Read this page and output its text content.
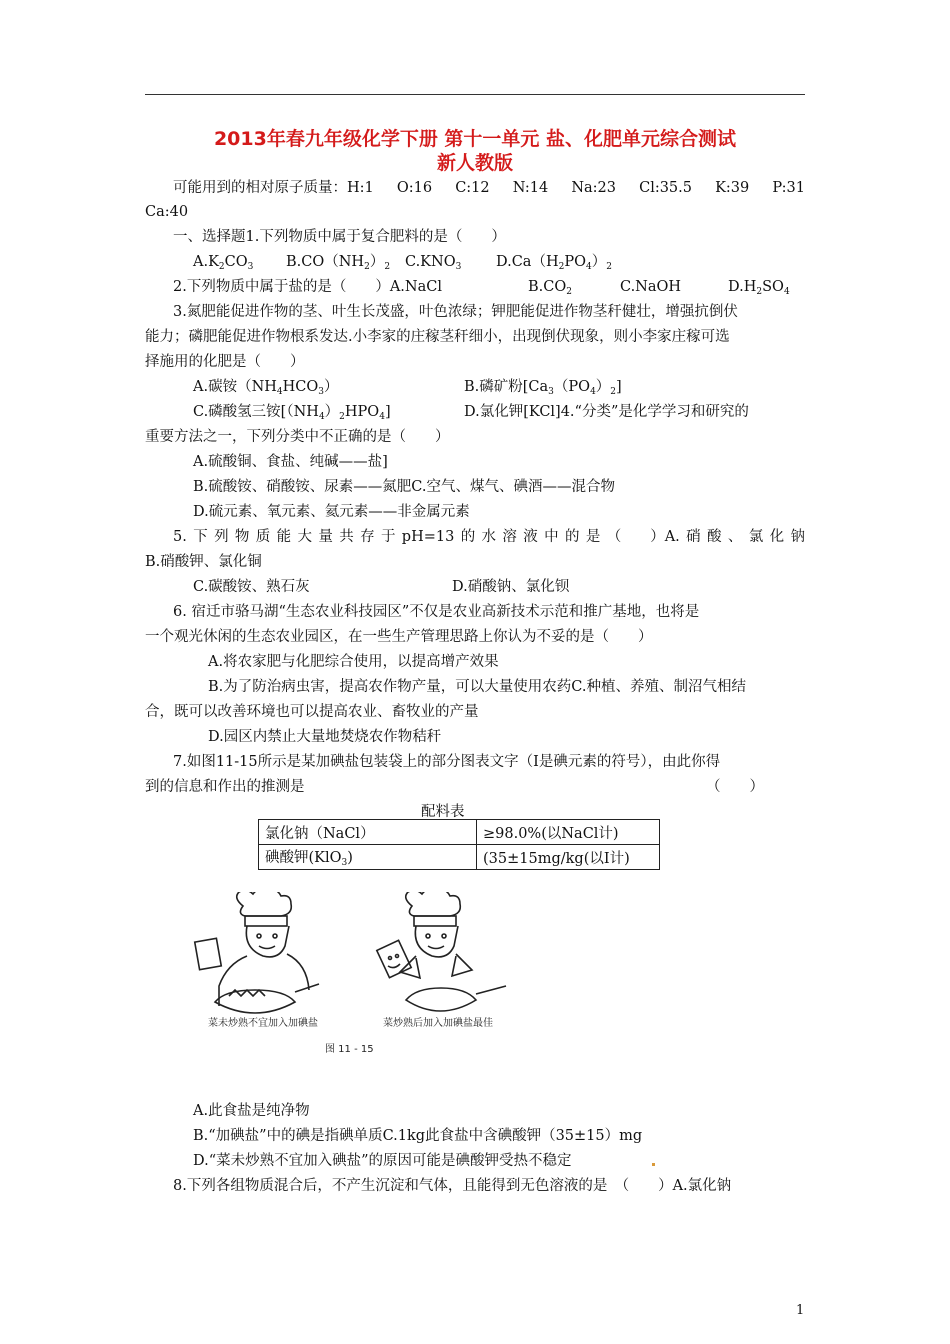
2013年春九年级化学下册 第十一单元 盐、化肥单元综合测试
新人教版
可能用到的相对原子质量：H:1 O:16 C:12 N:14 Na:23 Cl:35.5 K:39 P:31
Ca:40
一、选择题1.下列物质中属于复合肥料的是（　　）
$A.K_2CO_3$ $B.CO(NH_2)_2$ $C.KNO_3$ $D.Ca(H_2PO_4)_2$
2.下列物质中属于盐的是（　　）A.NaCl	$B.CO_2$	C.NaOH	$D.H_2SO_4$
3.氮肥能促进作物的茎、叶生长茂盛，叶色浓绿；钾肥能促进作物茎秆健壮，增强抗倒伏
能力；磷肥能促进作物根系发达.小李家的庄稼茎秆细小，出现倒伏现象，则小李家庄稼可选
择施用的化肥是（　　）
A.碳铵$(NH_4HCO_3)$	B.磷矿粉$[Ca_3(PO_4)_2]$
C.磷酸氢三铵$[(NH_4)_2HPO_4]$	D.氯化钾[KCl]4.“分类”是化学学习和研究的
重要方法之一，下列分类中不正确的是（　　）
A.硫酸铜、食盐、纯碱——盐]
B.硫酸铵、硝酸铵、尿素——氮肥C.空气、煤气、碘酒——混合物
D.硫元素、氧元素、氦元素——非金属元素
5. 下 列 物 质 能 大 量 共 存 于 pH=13 的 水 溶 液 中 的 是 （　　）A. 硝 酸 、 氯 化 钠
B.硝酸钾、氯化铜
C.碳酸铵、熟石灰	D.硝酸钠、氯化钡
6. 宿迁市骆马湖“生态农业科技园区”不仅是农业高新技术示范和推广基地，也将是
一个观光休闲的生态农业园区，在一些生产管理思路上你认为不妥的是（　　）
A.将农家肥与化肥综合使用，以提高增产效果
B.为了防治病虫害，提高农作物产量，可以大量使用农药C.种植、养殖、制沼气相结
合，既可以改善环境也可以提高农业、畜牧业的产量
D.园区内禁止大量地焚烧农作物秸秆
7.如图11-15所示是某加碘盐包装袋上的部分图表文字（I是碘元素的符号），由此你得
到的信息和作出的推测是	（　　）
配料表
氯化钠（NaCl）	≥98.0%(以NaCl计)
碘酸钾(KlO$_3$)	(35±15mg/kg(以I计)
菜未炒熟不宜加入加碘盐	菜炒熟后加入加碘盐最佳
图 11 - 15
A.此食盐是纯净物
B.“加碘盐”中的碘是指碘单质C.1kg此食盐中含碘酸钾（35±15）mg
D.“菜未炒熟不宜加入碘盐”的原因可能是碘酸钾受热不稳定
8.下列各组物质混合后，不产生沉淀和气体，且能得到无色溶液的是　（　　）A.氯化钠
1
